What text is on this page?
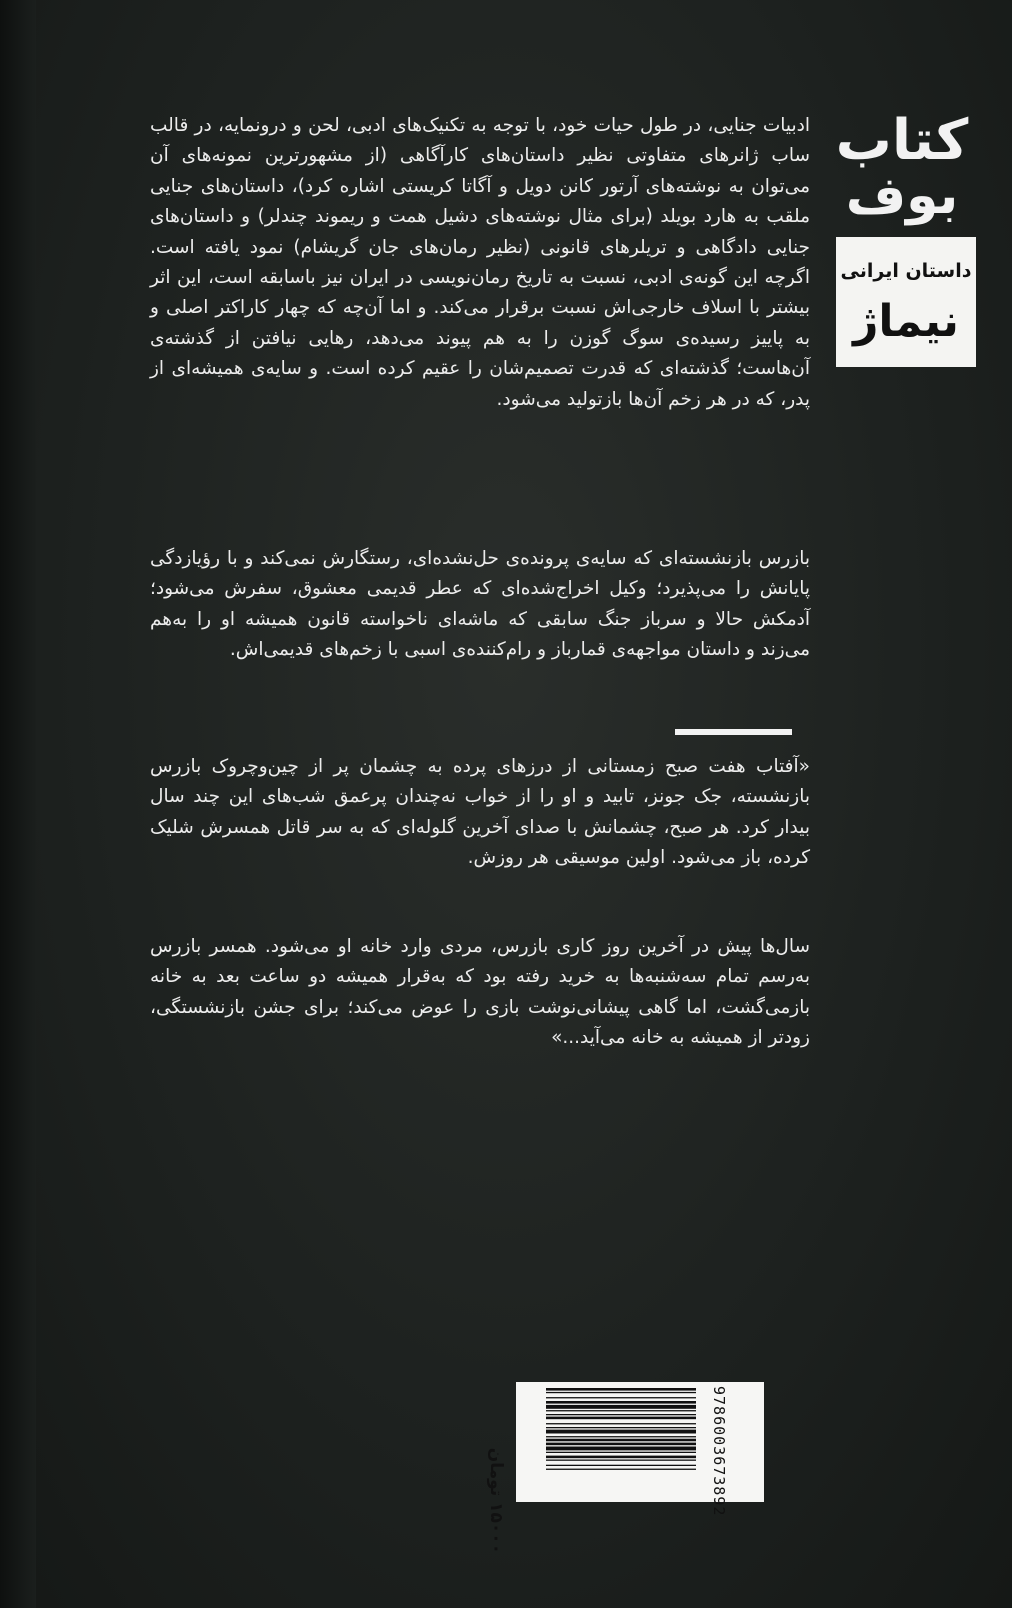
کتاب
بوف
داستان ایرانی
نیماژ

ادبیات جنایی، در طول حیات خود، با توجه به تکنیک‌های ادبی، لحن و درونمایه، در قالب ساب ژانرهای متفاوتی نظیر داستان‌های کارآگاهی (از مشهورترین نمونه‌های آن می‌توان به نوشته‌های آرتور کانن دویل و آگاتا کریستی اشاره کرد)، داستان‌های جنایی ملقب به هارد بویلد (برای مثال نوشته‌های دشیل همت و ریموند چندلر) و داستان‌های جنایی دادگاهی و تریلرهای قانونی (نظیر رمان‌های جان گریشام) نمود یافته است. اگرچه این گونه‌ی ادبی، نسبت به تاریخ رمان‌نویسی در ایران نیز باسابقه است، این اثر بیشتر با اسلاف خارجی‌اش نسبت برقرار می‌کند. و اما آن‌چه که چهار کاراکتر اصلی و به پاییز رسیده‌ی سوگ گوزن را به هم پیوند می‌دهد، رهایی نیافتن از گذشته‌ی آن‌هاست؛ گذشته‌ای که قدرت تصمیم‌شان را عقیم کرده است. و سایه‌ی همیشه‌ای از پدر، که در هر زخم آن‌ها بازتولید می‌شود.

بازرس بازنشسته‌ای که سایه‌ی پرونده‌ی حل‌نشده‌ای، رستگارش نمی‌کند و با رؤیازدگی پایانش را می‌پذیرد؛ وکیل اخراج‌شده‌ای که عطر قدیمی معشوق، سفرش می‌شود؛ آدمکش حالا و سرباز جنگ سابقی که ماشه‌ای ناخواسته قانون همیشه او را به‌هم می‌زند و داستان مواجهه‌ی قمارباز و رام‌کننده‌ی اسبی با زخم‌های قدیمی‌اش.

«آفتاب هفت صبح زمستانی از درزهای پرده به چشمان پر از چین‌وچروک بازرس بازنشسته، جک جونز، تابید و او را از خواب نه‌چندان پرعمق شب‌های این چند سال بیدار کرد. هر صبح، چشمانش با صدای آخرین گلوله‌ای که به سر قاتل همسرش شلیک کرده، باز می‌شود. اولین موسیقی هر روزش.

سال‌ها پیش در آخرین روز کاری بازرس، مردی وارد خانه او می‌شود. همسر بازرس به‌رسم تمام سه‌شنبه‌ها به خرید رفته بود که به‌قرار همیشه دو ساعت بعد به خانه بازمی‌گشت، اما گاهی پیشانی‌نوشت بازی را عوض می‌کند؛ برای جشن بازنشستگی، زودتر از همیشه به خانه می‌آید...»

۱۵۰۰۰ تومان
9786003673892
